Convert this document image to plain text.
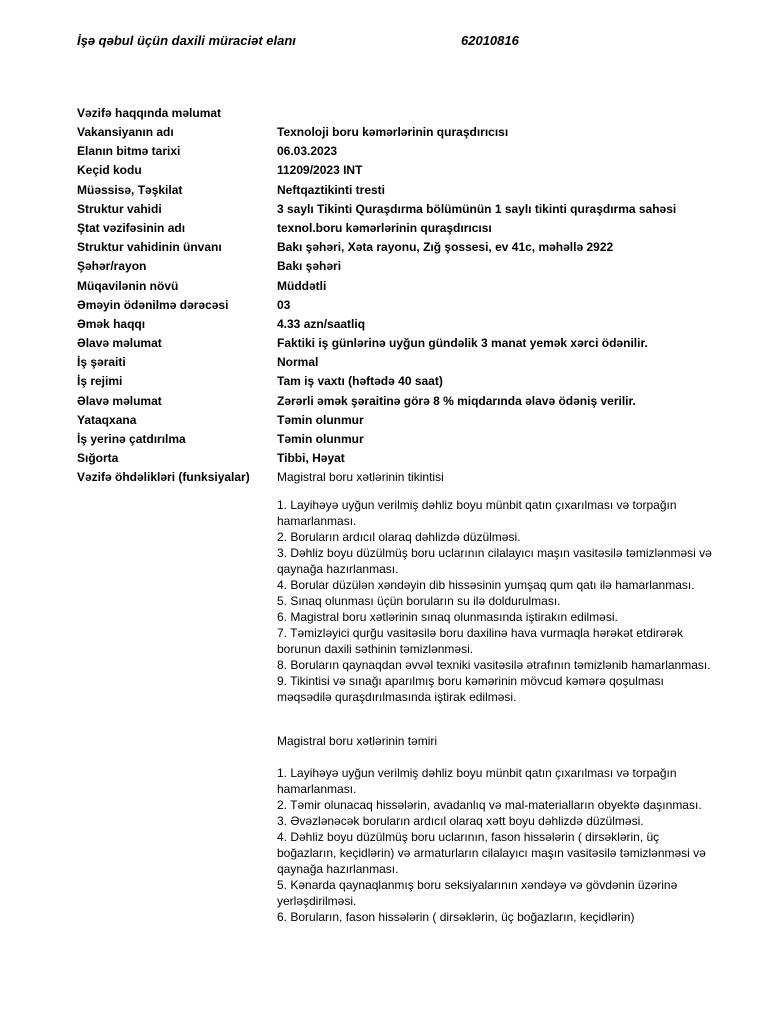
İşə qəbul üçün daxili müraciət elanı	62010816
Vəzifə haqqında məlumat
Vakansiyanın adı	Texnoloji boru kəmərlərinin quraşdırıcısı
Elanın bitmə tarixi	06.03.2023
Keçid kodu	11209/2023 INT
Müəssisə, Təşkilat	Neftqaztikinti tresti
Struktur vahidi	3 saylı Tikinti Quraşdırma bölümünün 1 saylı tikinti quraşdırma sahəsi
Ştat vəzifəsinin adı	texnol.boru kəmərlərinin quraşdırıcısı
Struktur vahidinin ünvanı	Bakı şəhəri, Xəta rayonu, Zığ şossesi, ev 41c, məhəllə 2922
Şəhər/rayon	Bakı şəhəri
Müqavilənin növü	Müddətli
Əməyin ödənilmə dərəcəsi	03
Əmək haqqı	4.33 azn/saatliq
Əlavə məlumat	Faktiki iş günlərinə uyğun gündəlik 3 manat yemək xərci ödənilir.
İş şəraiti	Normal
İş rejimi	Tam iş vaxtı (həftədə 40 saat)
Əlavə məlumat	Zərərli əmək şəraitinə görə 8 % miqdarında əlavə ödəniş verilir.
Yataqxana	Təmin olunmur
İş yerinə çatdırılma	Təmin olunmur
Sığorta	Tibbi, Həyat
Vəzifə öhdəlikləri (funksiyalar)	Magistral boru xətlərinin tikintisi
1. Layihəyə uyğun verilmiş dəhliz boyu münbit qatın çıxarılması və torpağın hamarlanması.
2. Boruların ardıcıl olaraq dəhlizdə düzülməsi.
3. Dəhliz boyu düzülmüş boru uclarının cilalayıcı maşın vasitəsilə təmizlənməsi və qaynağa hazırlanması.
4. Borular düzülən xəndəyin dib hissəsinin yumşaq qum qatı ilə hamarlanması.
5. Sınaq olunması üçün boruların su ilə doldurulması.
6. Magistral boru xətlərinin sınaq olunmasında iştirakın edilməsi.
7. Təmizləyici qurğu vasitəsilə boru daxilinə hava vurmaqla hərəkət etdirərək borunun daxili səthinin təmizlənməsi.
8. Boruların qaynaqdan əvvəl texniki vasitəsilə ətrafının təmizlənib hamarlanması.
9. Tikintisi və sınağı aparılmış boru kəmərinin mövcud kəmərə qoşulması məqsədilə quraşdırılmasında iştirak edilməsi.
Magistral boru xətlərinin təmiri
1. Layihəyə uyğun verilmiş dəhliz boyu münbit qatın çıxarılması və torpağın hamarlanması.
2. Təmir olunacaq hissələrin, avadanlıq və mal-materialların obyektə daşınması.
3. Əvəzlənəcək boruların ardıcıl olaraq xətt boyu dəhlizdə düzülməsi.
4. Dəhliz boyu düzülmüş boru uclarının, fason hissələrin ( dirsəklərin, üç boğazların, keçidlərin) və armaturların cilalayıcı maşın vasitəsilə təmizlənməsi və qaynağa hazırlanması.
5. Kənarda qaynaqlanmış boru seksiyalarının xəndəyə və gövdənin üzərinə yerləşdirilməsi.
6. Boruların, fason hissələrin ( dirsəklərin, üç boğazların, keçidlərin)
